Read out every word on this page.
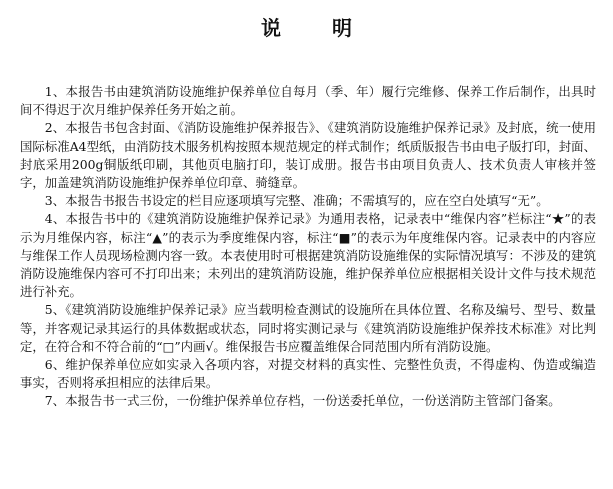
说 明

1、本报告书由建筑消防设施维护保养单位自每月（季、年）履行完维修、保养工作后制作，出具时间不得迟于次月维护保养任务开始之前。

2、本报告书包含封面、《消防设施维护保养报告》、《建筑消防设施维护保养记录》及封底，统一使用国际标准A4型纸，由消防技术服务机构按照本规范规定的样式制作；纸质版报告书由电子版打印，封面、封底采用200g铜版纸印刷，其他页电脑打印，装订成册。报告书由项目负责人、技术负责人审核并签字，加盖建筑消防设施维护保养单位印章、骑缝章。

3、本报告书报告书设定的栏目应逐项填写完整、准确；不需填写的，应在空白处填写“无”。

4、本报告书中的《建筑消防设施维护保养记录》为通用表格，记录表中“维保内容”栏标注“★”的表示为月维保内容，标注“▲”的表示为季度维保内容，标注“■”的表示为年度维保内容。记录表中的内容应与维保工作人员现场检测内容一致。本表使用时可根据建筑消防设施维保的实际情况填写：不涉及的建筑消防设施维保内容可不打印出来；未列出的建筑消防设施，维护保养单位应根据相关设计文件与技术规范进行补充。

5、《建筑消防设施维护保养记录》应当载明检查测试的设施所在具体位置、名称及编号、型号、数量等，并客观记录其运行的具体数据或状态，同时将实测记录与《建筑消防设施维护保养技术标准》对比判定，在符合和不符合前的“□”内画√。维保报告书应覆盖维保合同范围内所有消防设施。

6、维护保养单位应如实录入各项内容，对提交材料的真实性、完整性负责，不得虚构、伪造或编造事实，否则将承担相应的法律后果。

7、本报告书一式三份，一份维护保养单位存档，一份送委托单位，一份送消防主管部门备案。
